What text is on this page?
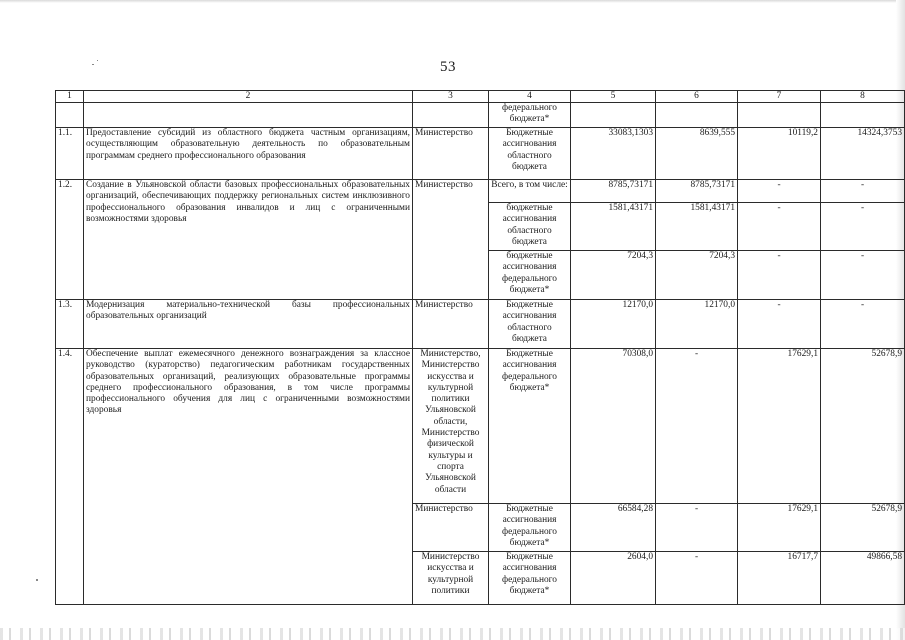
53
1	2	3	4	5	6	7	8
			федерального бюджета*				
1.1.	Предоставление субсидий из областного бюджета частным организациям, осуществляющим образовательную деятельность по образовательным программам среднего профессионального образования	Министерство	Бюджетные ассигнования областного бюджета	33083,1303	8639,555	10119,2	14324,3753
1.2.	Создание в Ульяновской области базовых профессиональных образовательных организаций, обеспечивающих поддержку региональных систем инклюзивного профессионального образования инвалидов и лиц с ограниченными возможностями здоровья	Министерство	Всего, в том числе:	8785,73171	8785,73171	-	-
			бюджетные ассигнования областного бюджета	1581,43171	1581,43171	-	-
			бюджетные ассигнования федерального бюджета*	7204,3	7204,3	-	-
1.3.	Модернизация материально-технической базы профессиональных образовательных организаций	Министерство	Бюджетные ассигнования областного бюджета	12170,0	12170,0	-	-
1.4.	Обеспечение выплат ежемесячного денежного вознаграждения за классное руководство (кураторство) педагогическим работникам государственных образовательных организаций, реализующих образовательные программы среднего профессионального образования, в том числе программы профессионального обучения для лиц с ограниченными возможностями здоровья	Министерство, Министерство искусства и культурной политики Ульяновской области, Министерство физической культуры и спорта Ульяновской области	Бюджетные ассигнования федерального бюджета*	70308,0	-	17629,1	52678,9
		Министерство	Бюджетные ассигнования федерального бюджета*	66584,28	-	17629,1	52678,9
		Министерство искусства и культурной политики	Бюджетные ассигнования федерального бюджета*	2604,0	-	16717,7	49866,58
